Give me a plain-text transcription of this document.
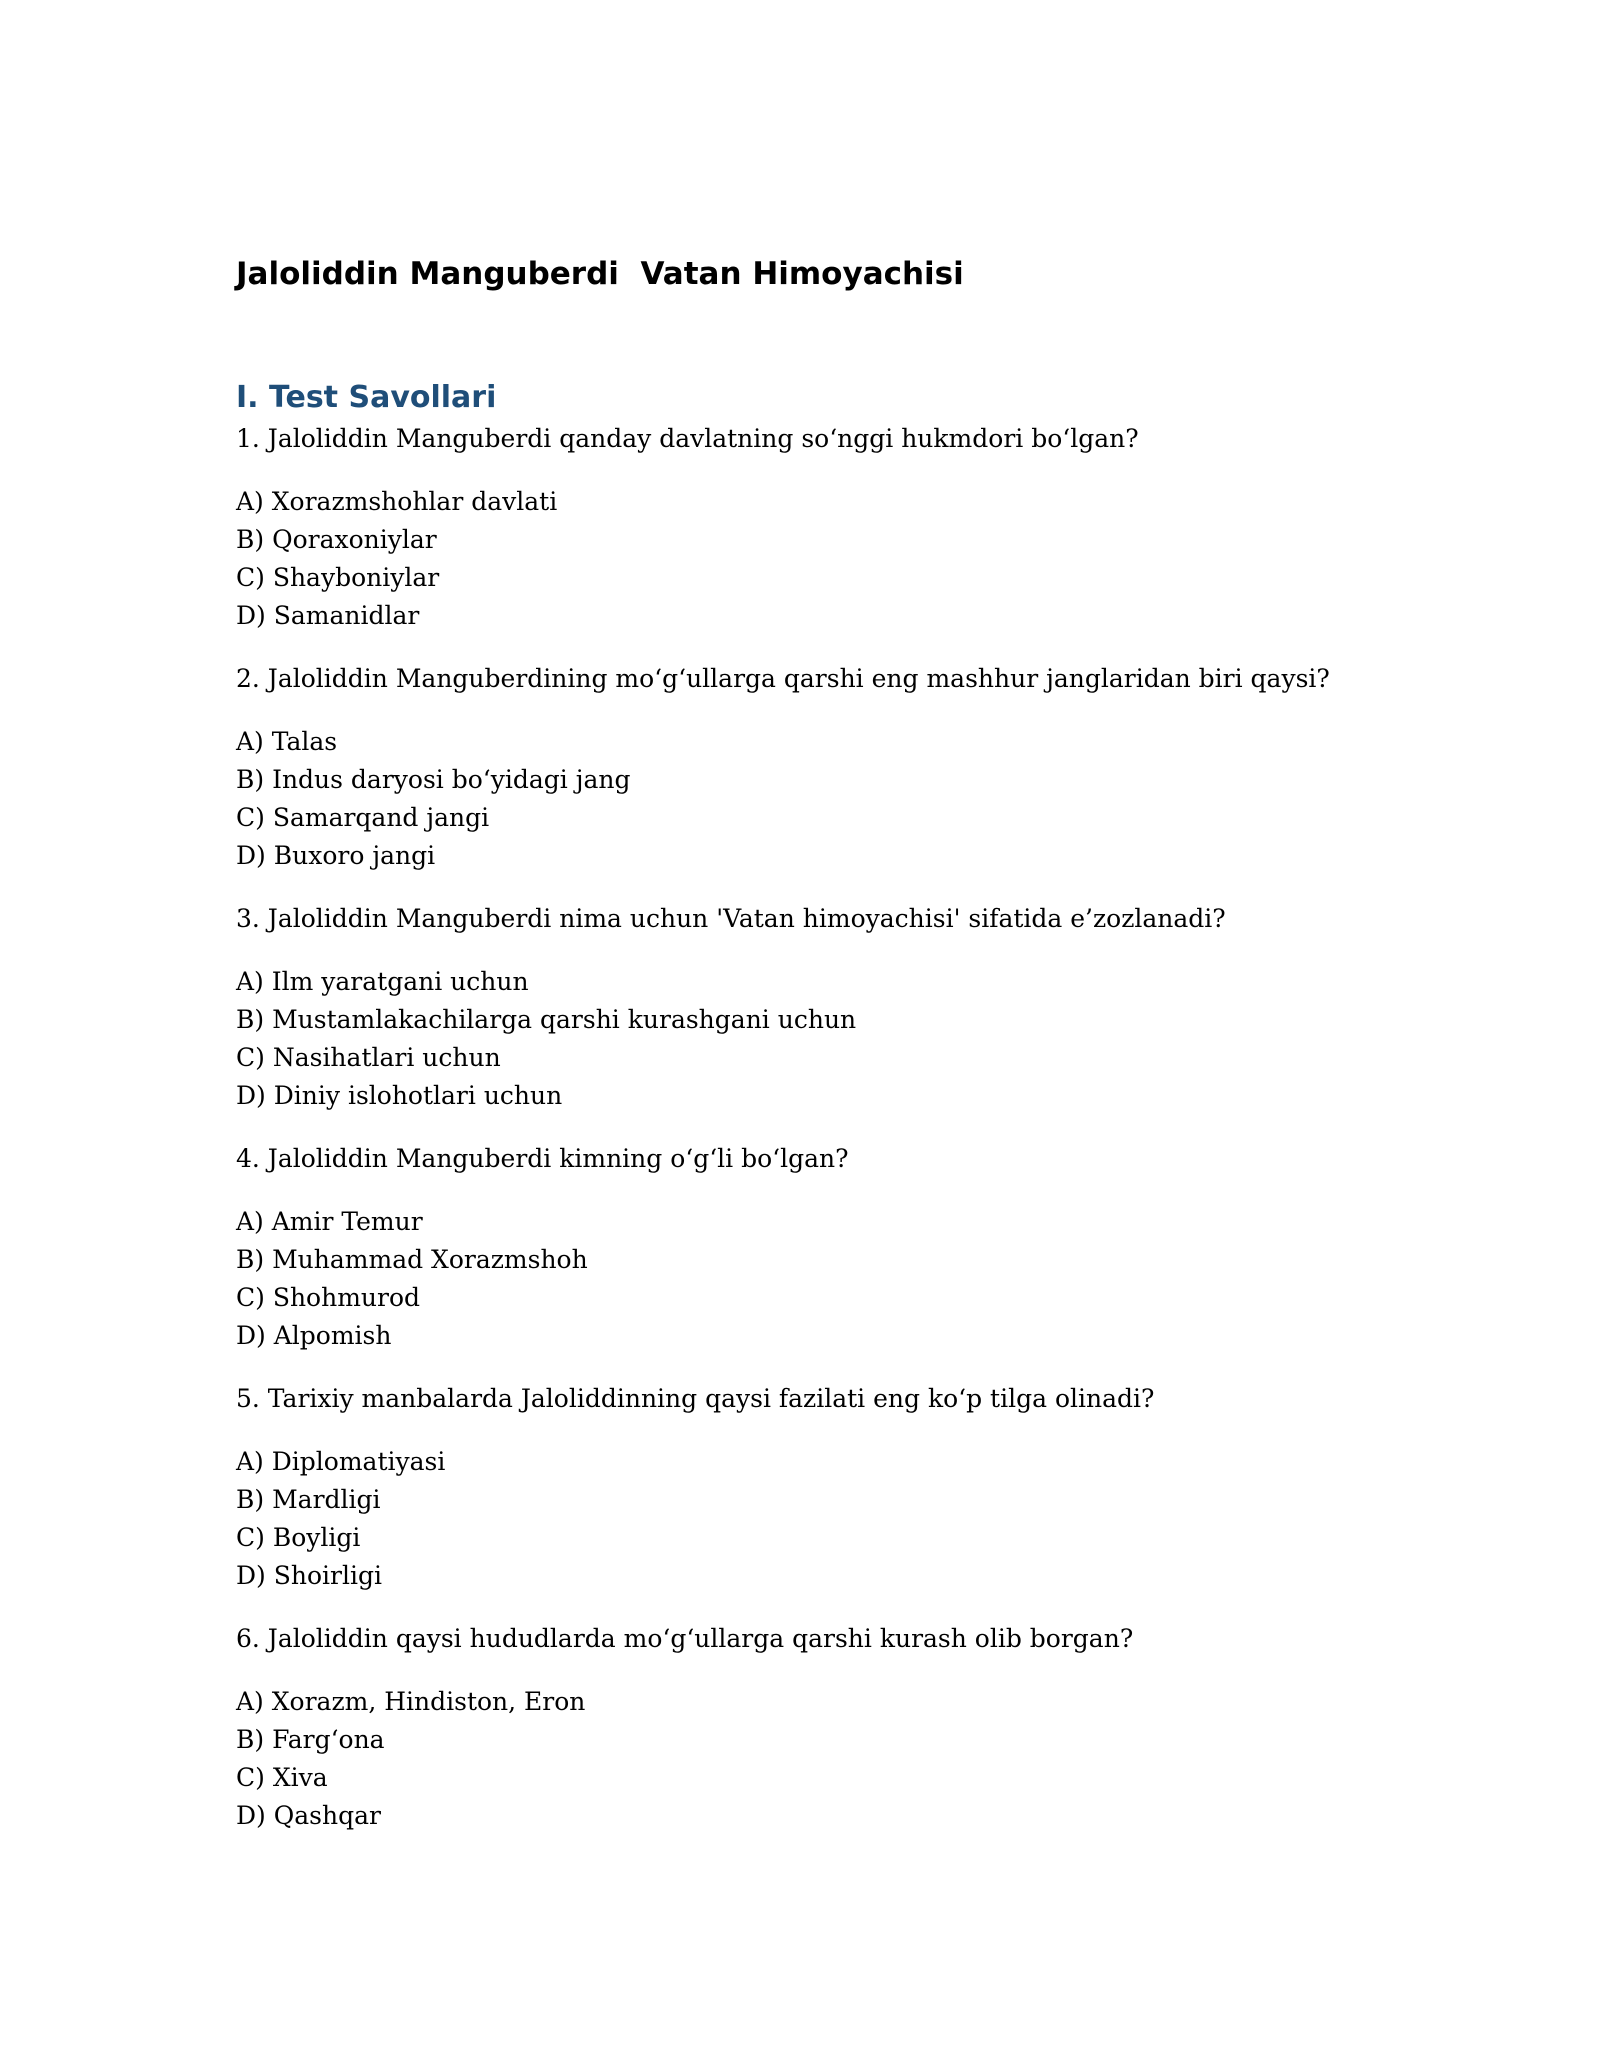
Jaloliddin Manguberdi  Vatan Himoyachisi
I. Test Savollari

1. Jaloliddin Manguberdi qanday davlatning so‘nggi hukmdori bo‘lgan?

A) Xorazmshohlar davlati
B) Qoraxoniylar
C) Shayboniylar
D) Samanidlar

2. Jaloliddin Manguberdining mo‘g‘ullarga qarshi eng mashhur janglaridan biri qaysi?

A) Talas
B) Indus daryosi bo‘yidagi jang
C) Samarqand jangi
D) Buxoro jangi

3. Jaloliddin Manguberdi nima uchun 'Vatan himoyachisi' sifatida e’zozlanadi?

A) Ilm yaratgani uchun
B) Mustamlakachilarga qarshi kurashgani uchun
C) Nasihatlari uchun
D) Diniy islohotlari uchun

4. Jaloliddin Manguberdi kimning o‘g‘li bo‘lgan?

A) Amir Temur
B) Muhammad Xorazmshoh
C) Shohmurod
D) Alpomish

5. Tarixiy manbalarda Jaloliddinning qaysi fazilati eng ko‘p tilga olinadi?

A) Diplomatiyasi
B) Mardligi
C) Boyligi
D) Shoirligi

6. Jaloliddin qaysi hududlarda mo‘g‘ullarga qarshi kurash olib borgan?

A) Xorazm, Hindiston, Eron
B) Farg‘ona
C) Xiva
D) Qashqar
